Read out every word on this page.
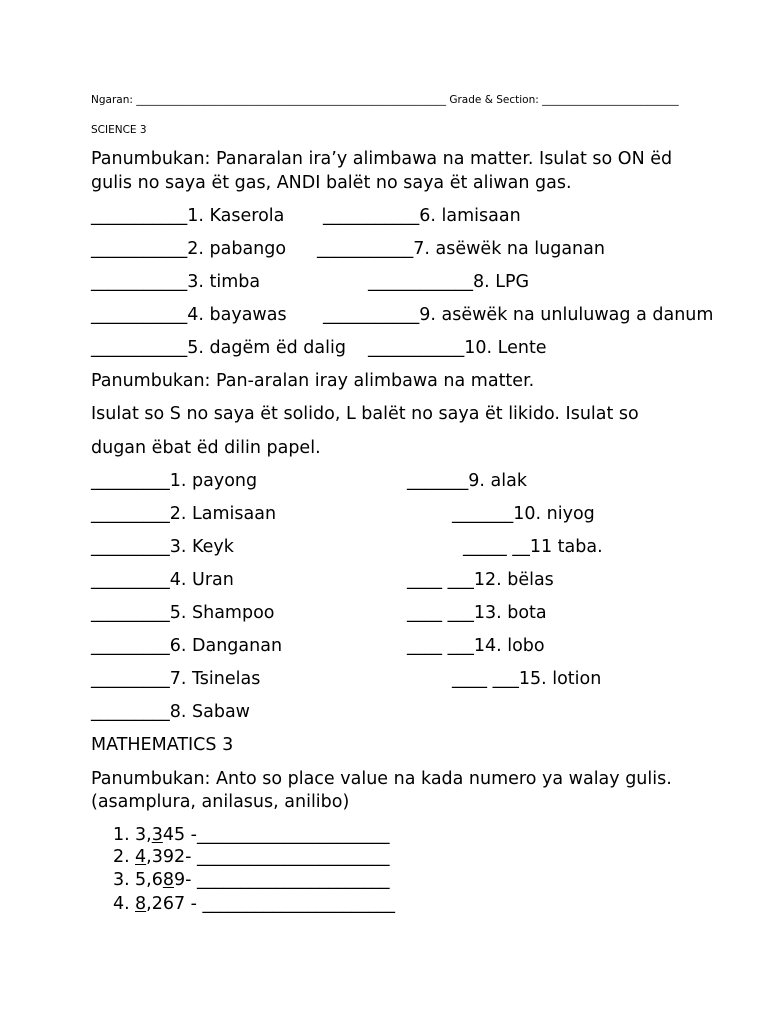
Ngaran: ___________________________________________________________ Grade & Section: __________________________
SCIENCE 3
Panumbukan: Panaralan ira’y alimbawa na matter. Isulat so ON ëd
gulis no saya ët gas, ANDI balët no saya ët aliwan gas.
___________1. Kaserola
___________2. pabango
___________3. timba
___________4. bayawas
___________5. dagëm ëd dalig
___________6. lamisaan
___________7. asëwëk na luganan
____________8. LPG
___________9. asëwëk na unluluwag a danum
___________10. Lente
Panumbukan: Pan-aralan iray alimbawa na matter.
Isulat so S no saya ët solido, L balët no saya ët likido. Isulat so
dugan ëbat ëd dilin papel.
_________1. payong
_________2. Lamisaan
_________3. Keyk
_________4. Uran
_________5. Shampoo
_________6. Danganan
_________7. Tsinelas
_________8. Sabaw
_______9. alak
_______10. niyog
_____ __11 taba.
____ ___12. bëlas
____ ___13. bota
____ ___14. lobo
____ ___15. lotion
MATHEMATICS 3
Panumbukan: Anto so place value na kada numero ya walay gulis.
(asamplura, anilasus, anilibo)
1. 3,345 -______________________
2. 4,392- ______________________
3. 5,689- ______________________
4. 8,267 - ______________________
